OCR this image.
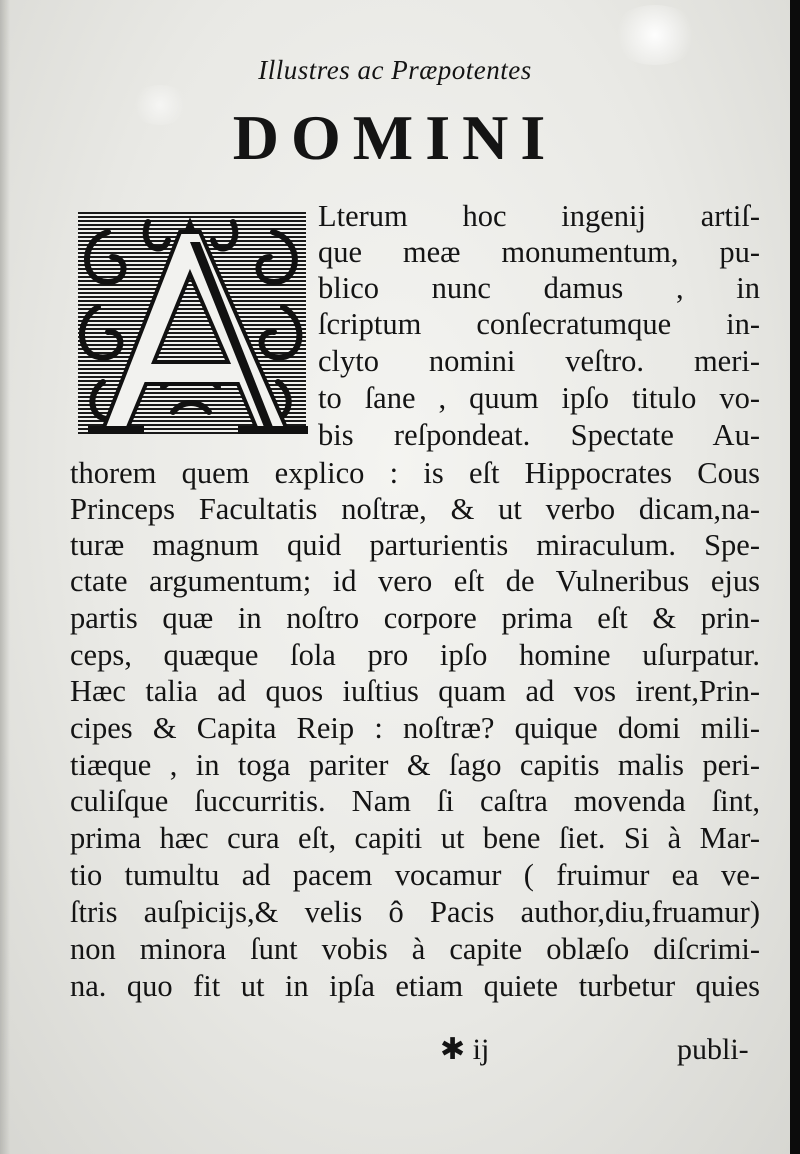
Illustres ac Præpotentes
DOMINI
Lterum hoc ingenij artiſ-
que meæ monumentum, pu-
blico nunc damus , in
ſcriptum conſecratumque in-
clyto nomini veſtro. meri-
to ſane , quum ipſo titulo vo-
bis reſpondeat. Spectate Au-
thorem quem explico : is eſt Hippocrates Cous
Princeps Facultatis noſtræ, & ut verbo dicam,na-
turæ magnum quid parturientis miraculum. Spe-
ctate argumentum; id vero eſt de Vulneribus ejus
partis quæ in noſtro corpore prima eſt & prin-
ceps, quæque ſola pro ipſo homine uſurpatur.
Hæc talia ad quos iuſtius quam ad vos irent,Prin-
cipes & Capita Reip : noſtræ? quique domi mili-
tiæque , in toga pariter & ſago capitis malis peri-
culiſque ſuccurritis. Nam ſi caſtra movenda ſint,
prima hæc cura eſt, capiti ut bene ſiet. Si à Mar-
tio tumultu ad pacem vocamur ( fruimur ea ve-
ſtris auſpicijs,& velis ô Pacis author,diu,fruamur)
non minora ſunt vobis à capite oblæſo diſcrimi-
na. quo fit ut in ipſa etiam quiete turbetur quies
✱ ij	publi-
